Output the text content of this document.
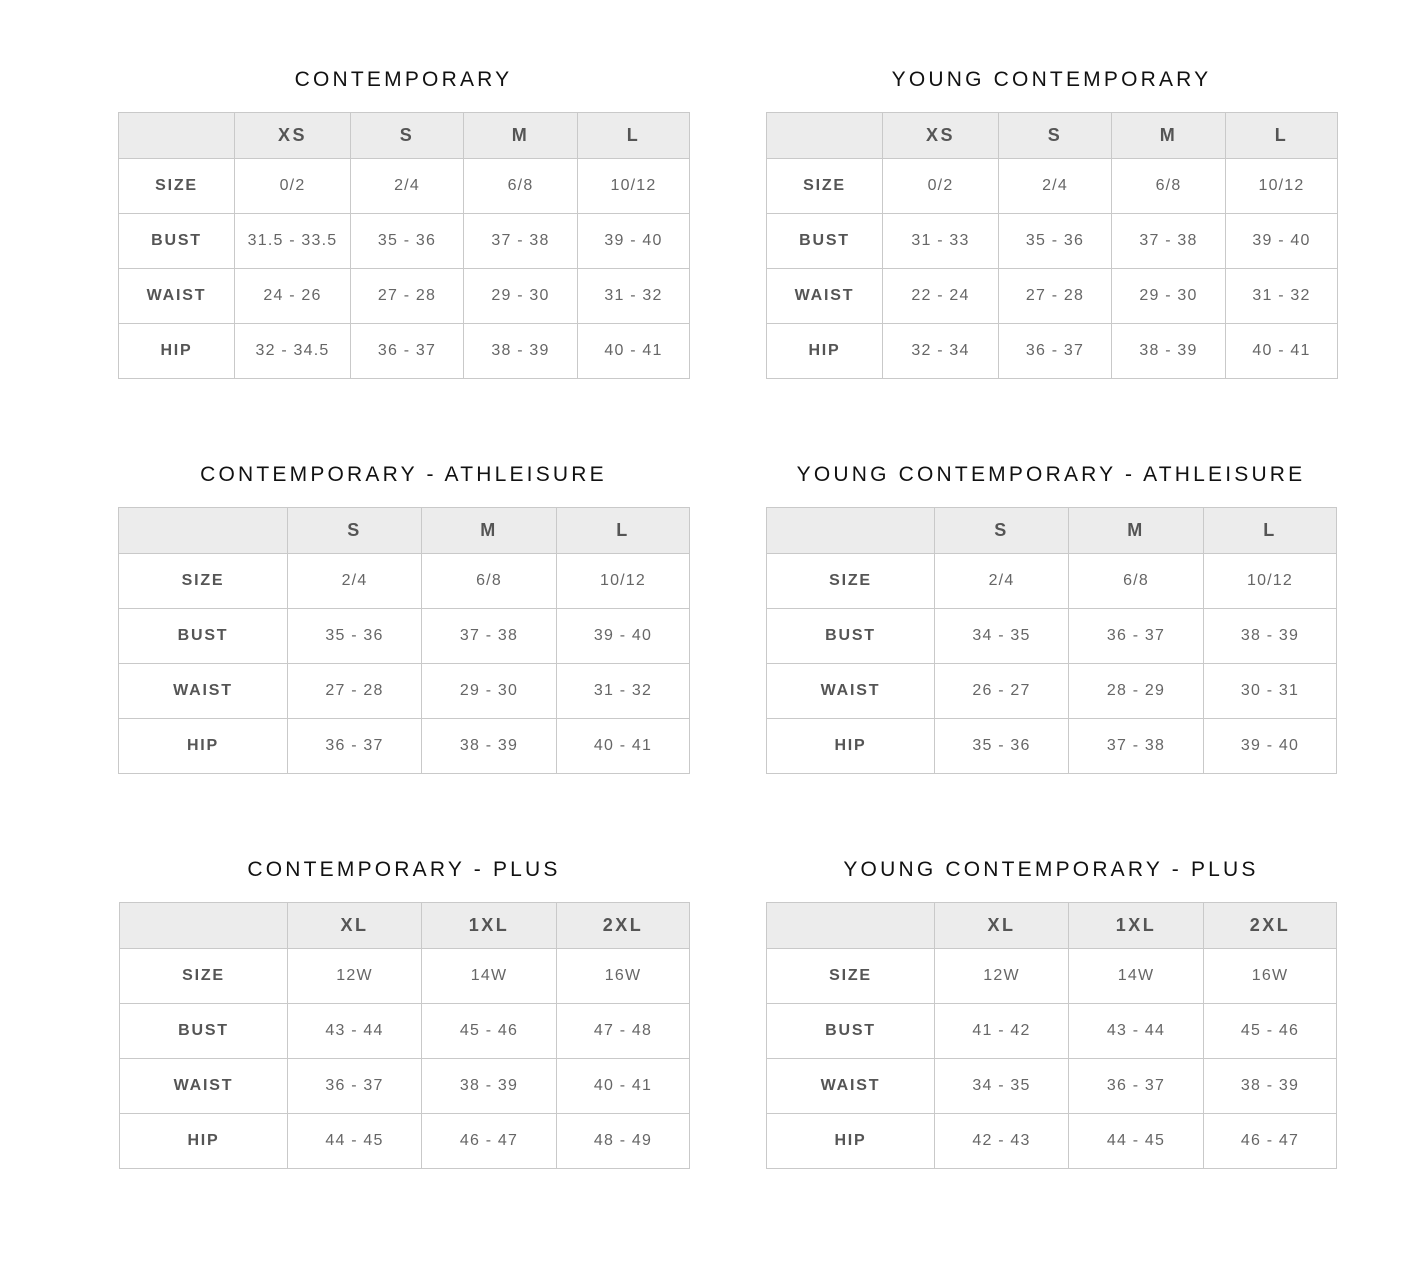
CONTEMPORARY
	XS	S	M	L
SIZE	0/2	2/4	6/8	10/12
BUST	31.5 - 33.5	35 - 36	37 - 38	39 - 40
WAIST	24 - 26	27 - 28	29 - 30	31 - 32
HIP	32 - 34.5	36 - 37	38 - 39	40 - 41
YOUNG CONTEMPORARY
	XS	S	M	L
SIZE	0/2	2/4	6/8	10/12
BUST	31 - 33	35 - 36	37 - 38	39 - 40
WAIST	22 - 24	27 - 28	29 - 30	31 - 32
HIP	32 - 34	36 - 37	38 - 39	40 - 41
CONTEMPORARY - ATHLEISURE
	S	M	L
SIZE	2/4	6/8	10/12
BUST	35 - 36	37 - 38	39 - 40
WAIST	27 - 28	29 - 30	31 - 32
HIP	36 - 37	38 - 39	40 - 41
YOUNG CONTEMPORARY - ATHLEISURE
	S	M	L
SIZE	2/4	6/8	10/12
BUST	34 - 35	36 - 37	38 - 39
WAIST	26 - 27	28 - 29	30 - 31
HIP	35 - 36	37 - 38	39 - 40
CONTEMPORARY - PLUS
	XL	1XL	2XL
SIZE	12W	14W	16W
BUST	43 - 44	45 - 46	47 - 48
WAIST	36 - 37	38 - 39	40 - 41
HIP	44 - 45	46 - 47	48 - 49
YOUNG CONTEMPORARY - PLUS
	XL	1XL	2XL
SIZE	12W	14W	16W
BUST	41 - 42	43 - 44	45 - 46
WAIST	34 - 35	36 - 37	38 - 39
HIP	42 - 43	44 - 45	46 - 47
